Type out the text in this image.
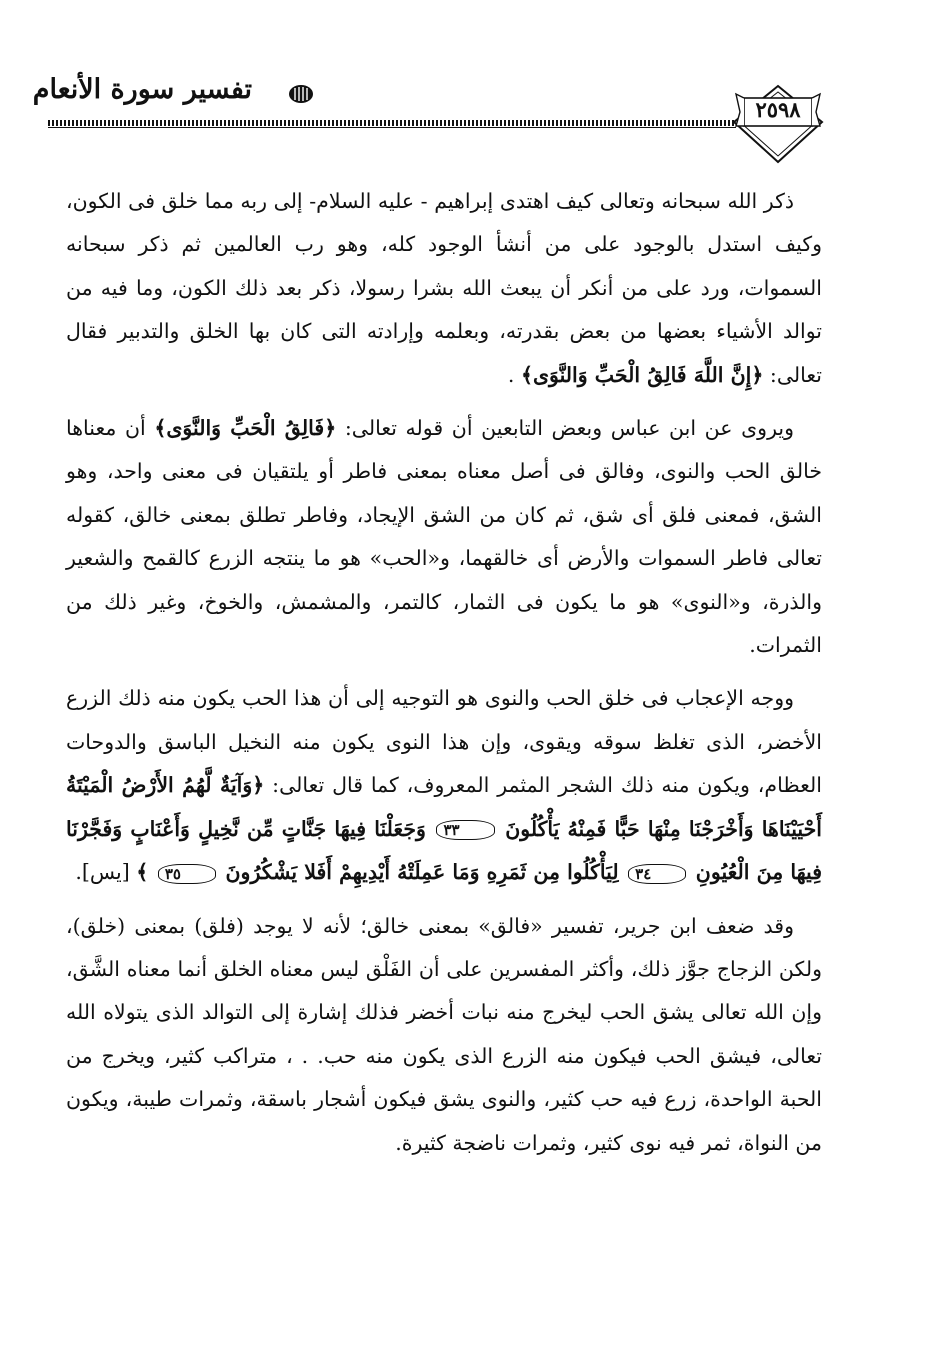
تفسير سورة الأنعام
٢٥٩٨

ذكر الله سبحانه وتعالى كيف اهتدى إبراهيم - عليه السلام- إلى ربه مما خلق فى الكون، وكيف استدل بالوجود على من أنشأ الوجود كله، وهو رب العالمين ثم ذكر سبحانه السموات، ورد على من أنكر أن يبعث الله بشرا رسولا، ذكر بعد ذلك الكون، وما فيه من توالد الأشياء بعضها من بعض بقدرته، وبعلمه وإرادته التى كان بها الخلق والتدبير فقال تعالى: ﴿إِنَّ اللَّهَ فَالِقُ الْحَبِّ وَالنَّوَى﴾ .

ويروى عن ابن عباس وبعض التابعين أن قوله تعالى: ﴿فَالِقُ الْحَبِّ وَالنَّوَى﴾ أن معناها خالق الحب والنوى، وفالق فى أصل معناه بمعنى فاطر أو يلتقيان فى معنى واحد، وهو الشق، فمعنى فلق أى شق، ثم كان من الشق الإيجاد، وفاطر تطلق بمعنى خالق، كقوله تعالى فاطر السموات والأرض أى خالقهما، و«الحب» هو ما ينتجه الزرع كالقمح والشعير والذرة، و«النوى» هو ما يكون فى الثمار، كالتمر، والمشمش، والخوخ، وغير ذلك من الثمرات.

ووجه الإعجاب فى خلق الحب والنوى هو التوجيه إلى أن هذا الحب يكون منه ذلك الزرع الأخضر، الذى تغلظ سوقه ويقوى، وإن هذا النوى يكون منه النخيل الباسق والدوحات العظام، ويكون منه ذلك الشجر المثمر المعروف، كما قال تعالى: ﴿وَآيَةٌ لَّهُمُ الأَرْضُ الْمَيْتَةُ أَحْيَيْنَاهَا وَأَخْرَجْنَا مِنْهَا حَبًّا فَمِنْهُ يَأْكُلُونَ ٣٣ وَجَعَلْنَا فِيهَا جَنَّاتٍ مِّن نَّخِيلٍ وَأَعْنَابٍ وَفَجَّرْنَا فِيهَا مِنَ الْعُيُونِ ٣٤ لِيَأْكُلُوا مِن ثَمَرِهِ وَمَا عَمِلَتْهُ أَيْدِيهِمْ أَفَلا يَشْكُرُونَ ٣٥ ﴾ [يس].

وقد ضعف ابن جرير، تفسير «فالق» بمعنى خالق؛ لأنه لا يوجد (فلق) بمعنى (خلق)، ولكن الزجاج جوَّز ذلك، وأكثر المفسرين على أن الفَلْق ليس معناه الخلق أنما معناه الشَّق، وإن الله تعالى يشق الحب ليخرج منه نبات أخضر فذلك إشارة إلى التوالد الذى يتولاه الله تعالى، فيشق الحب فيكون منه الزرع الذى يكون منه حب. . ، متراكب كثير، ويخرج من الحبة الواحدة، زرع فيه حب كثير، والنوى يشق فيكون أشجار باسقة، وثمرات طيبة، ويكون من النواة، ثمر فيه نوى كثير، وثمرات ناضجة كثيرة.
